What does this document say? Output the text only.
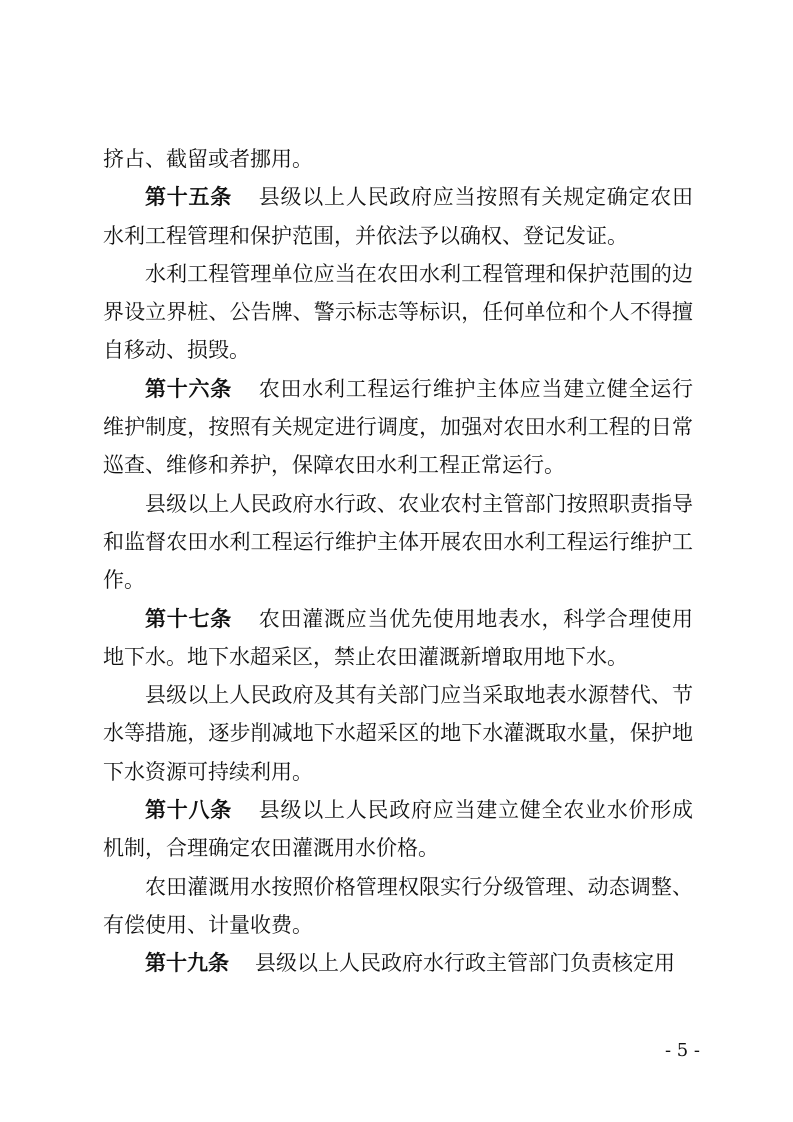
挤占、截留或者挪用。

第十五条 县级以上人民政府应当按照有关规定确定农田水利工程管理和保护范围，并依法予以确权、登记发证。

水利工程管理单位应当在农田水利工程管理和保护范围的边界设立界桩、公告牌、警示标志等标识，任何单位和个人不得擅自移动、损毁。

第十六条 农田水利工程运行维护主体应当建立健全运行维护制度，按照有关规定进行调度，加强对农田水利工程的日常巡查、维修和养护，保障农田水利工程正常运行。

县级以上人民政府水行政、农业农村主管部门按照职责指导和监督农田水利工程运行维护主体开展农田水利工程运行维护工作。

第十七条 农田灌溉应当优先使用地表水，科学合理使用地下水。地下水超采区，禁止农田灌溉新增取用地下水。

县级以上人民政府及其有关部门应当采取地表水源替代、节水等措施，逐步削减地下水超采区的地下水灌溉取水量，保护地下水资源可持续利用。

第十八条 县级以上人民政府应当建立健全农业水价形成机制，合理确定农田灌溉用水价格。

农田灌溉用水按照价格管理权限实行分级管理、动态调整、有偿使用、计量收费。

第十九条 县级以上人民政府水行政主管部门负责核定用

- 5 -
